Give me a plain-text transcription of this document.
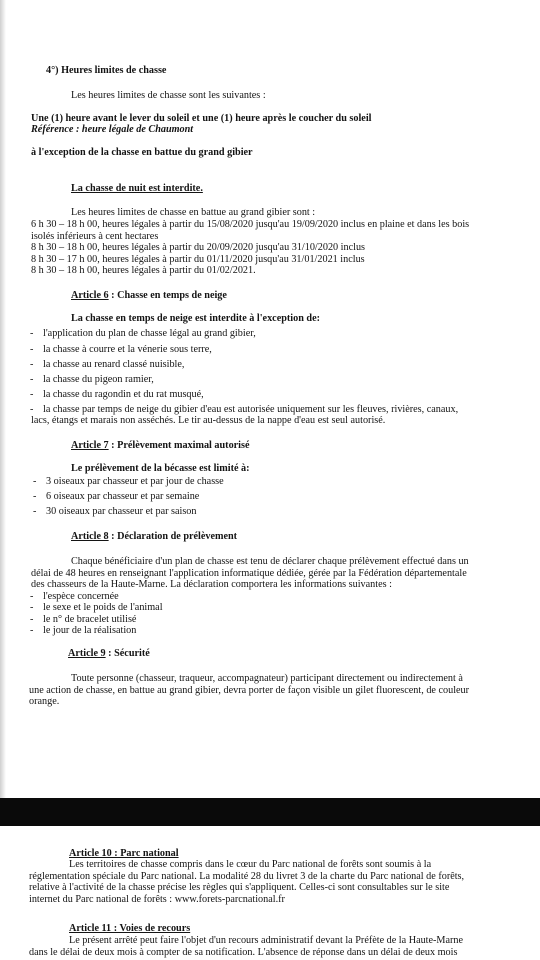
4°) Heures limites de chasse
Les heures limites de chasse sont les suivantes :
Une (1) heure avant le lever du soleil et une (1) heure après le coucher du soleil
Référence : heure légale de Chaumont
à l'exception de la chasse en battue du grand gibier
La chasse de nuit est interdite.
Les heures limites de chasse en battue au grand gibier sont :
6 h 30 – 18 h 00, heures légales à partir du 15/08/2020 jusqu'au 19/09/2020 inclus en plaine et dans les bois
isolés inférieurs à cent hectares
8 h 30 – 18 h 00, heures légales à partir du 20/09/2020 jusqu'au 31/10/2020 inclus
8 h 30 – 17 h 00, heures légales à partir du 01/11/2020 jusqu'au 31/01/2021 inclus
8 h 30 – 18 h 00, heures légales à partir du 01/02/2021.
Article 6 : Chasse en temps de neige
La chasse en temps de neige est interdite à l'exception de:
- l'application du plan de chasse légal au grand gibier,
- la chasse à courre et la vénerie sous terre,
- la chasse au renard classé nuisible,
- la chasse du pigeon ramier,
- la chasse du ragondin et du rat musqué,
- la chasse par temps de neige du gibier d'eau est autorisée uniquement sur les fleuves, rivières, canaux,
lacs, étangs et marais non asséchés. Le tir au-dessus de la nappe d'eau est seul autorisé.
Article 7 : Prélèvement maximal autorisé
Le prélèvement de la bécasse est limité à:
- 3 oiseaux par chasseur et par jour de chasse
- 6 oiseaux par chasseur et par semaine
- 30 oiseaux par chasseur et par saison
Article 8 : Déclaration de prélèvement
Chaque bénéficiaire d'un plan de chasse est tenu de déclarer chaque prélèvement effectué dans un
délai de 48 heures en renseignant l'application informatique dédiée, gérée par la Fédération départementale
des chasseurs de la Haute-Marne. La déclaration comportera les informations suivantes :
- l'espèce concernée
- le sexe et le poids de l'animal
- le n° de bracelet utilisé
- le jour de la réalisation
Article 9 : Sécurité
Toute personne (chasseur, traqueur, accompagnateur) participant directement ou indirectement à
une action de chasse, en battue au grand gibier, devra porter de façon visible un gilet fluorescent, de couleur
orange.
Article 10 : Parc national
Les territoires de chasse compris dans le cœur du Parc national de forêts sont soumis à la
réglementation spéciale du Parc national. La modalité 28 du livret 3 de la charte du Parc national de forêts,
relative à l'activité de la chasse précise les règles qui s'appliquent. Celles-ci sont consultables sur le site
internet du Parc national de forêts : www.forets-parcnational.fr
Article 11 : Voies de recours
Le présent arrêté peut faire l'objet d'un recours administratif devant la Préfète de la Haute-Marne
dans le délai de deux mois à compter de sa notification. L'absence de réponse dans un délai de deux mois
